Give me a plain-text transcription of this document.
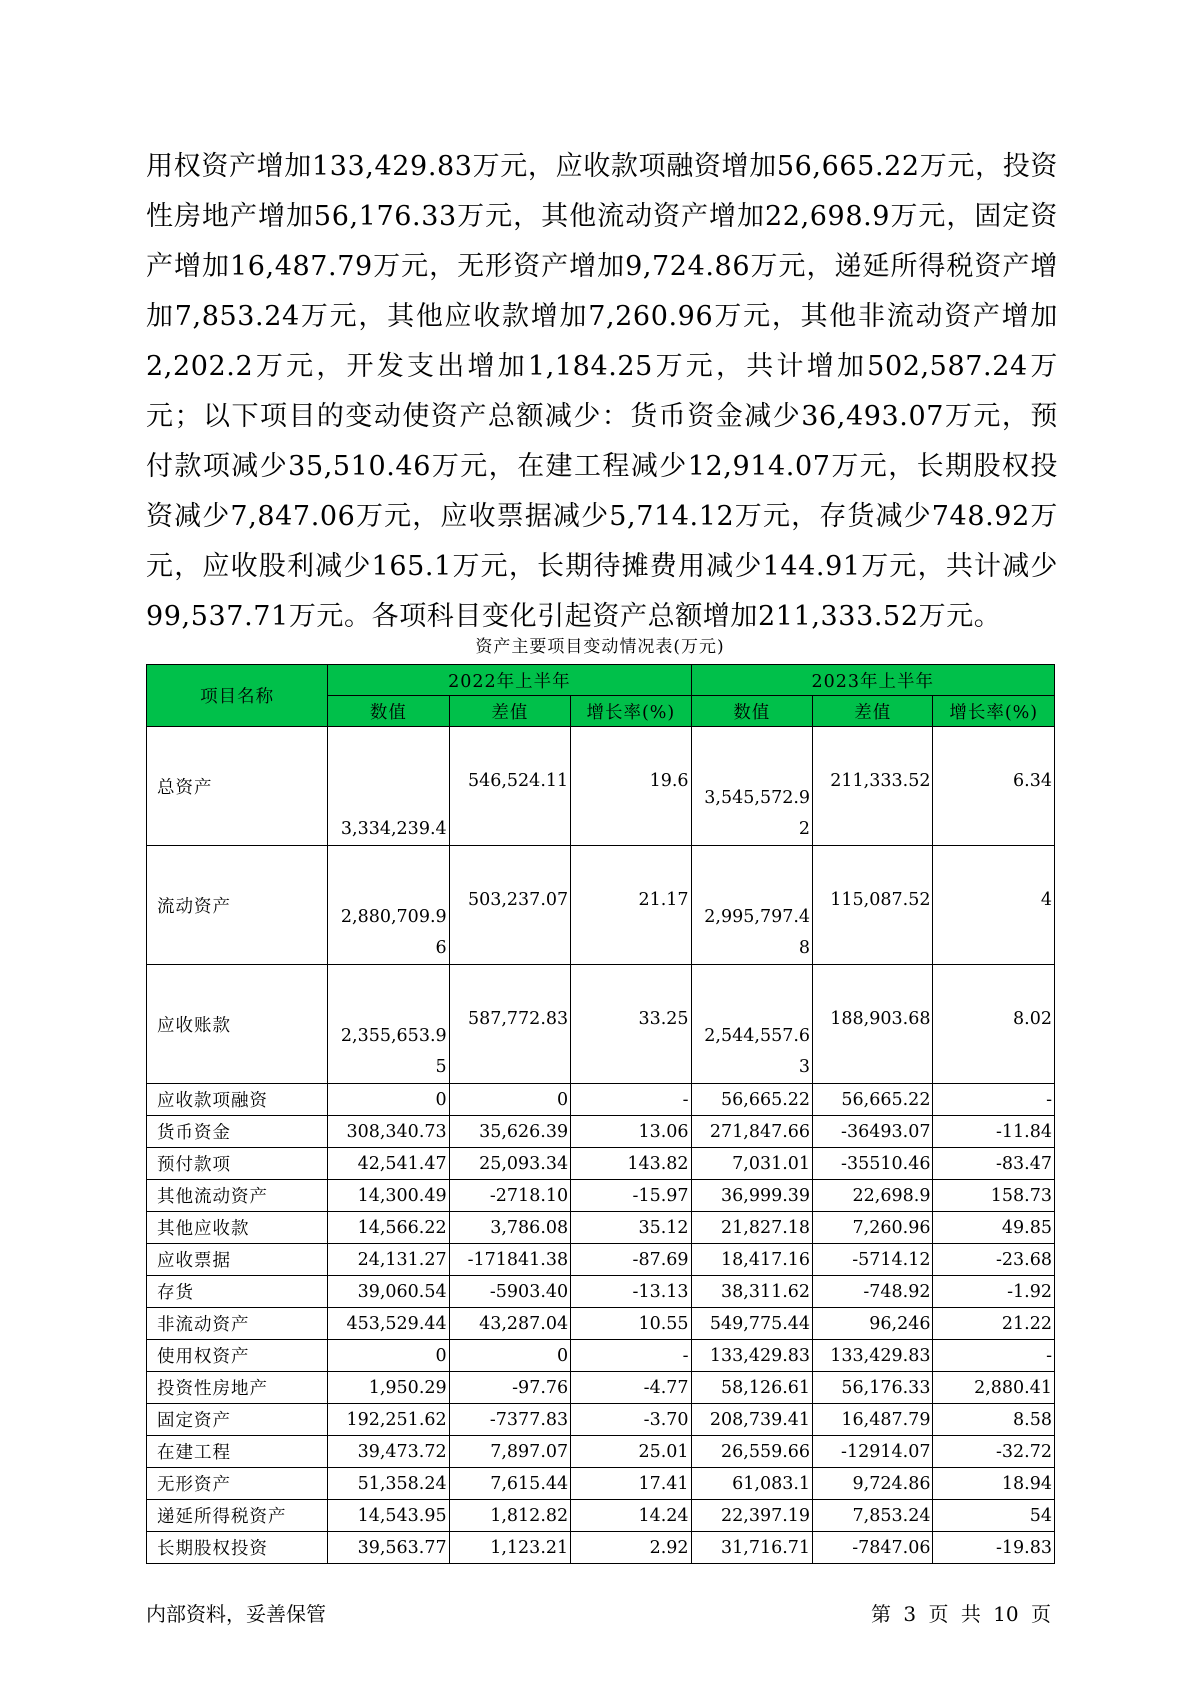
用权资产增加133,429.83万元，应收款项融资增加56,665.22万元，投资性房地产增加56,176.33万元，其他流动资产增加22,698.9万元，固定资产增加16,487.79万元，无形资产增加9,724.86万元，递延所得税资产增加7,853.24万元，其他应收款增加7,260.96万元，其他非流动资产增加2,202.2万元，开发支出增加1,184.25万元，共计增加502,587.24万元；以下项目的变动使资产总额减少：货币资金减少36,493.07万元，预付款项减少35,510.46万元，在建工程减少12,914.07万元，长期股权投资减少7,847.06万元，应收票据减少5,714.12万元，存货减少748.92万元，应收股利减少165.1万元，长期待摊费用减少144.91万元，共计减少99,537.71万元。各项科目变化引起资产总额增加211,333.52万元。

资产主要项目变动情况表(万元)
项目名称	2022年上半年			2023年上半年		
	数值	差值	增长率(%)	数值	差值	增长率(%)
总资产	3,334,239.4	546,524.11	19.6	3,545,572.92	211,333.52	6.34
流动资产	2,880,709.96	503,237.07	21.17	2,995,797.48	115,087.52	4
应收账款	2,355,653.95	587,772.83	33.25	2,544,557.63	188,903.68	8.02
应收款项融资	0	0	-	56,665.22	56,665.22	-
货币资金	308,340.73	35,626.39	13.06	271,847.66	-36493.07	-11.84
预付款项	42,541.47	25,093.34	143.82	7,031.01	-35510.46	-83.47
其他流动资产	14,300.49	-2718.10	-15.97	36,999.39	22,698.9	158.73
其他应收款	14,566.22	3,786.08	35.12	21,827.18	7,260.96	49.85
应收票据	24,131.27	-171841.38	-87.69	18,417.16	-5714.12	-23.68
存货	39,060.54	-5903.40	-13.13	38,311.62	-748.92	-1.92
非流动资产	453,529.44	43,287.04	10.55	549,775.44	96,246	21.22
使用权资产	0	0	-	133,429.83	133,429.83	-
投资性房地产	1,950.29	-97.76	-4.77	58,126.61	56,176.33	2,880.41
固定资产	192,251.62	-7377.83	-3.70	208,739.41	16,487.79	8.58
在建工程	39,473.72	7,897.07	25.01	26,559.66	-12914.07	-32.72
无形资产	51,358.24	7,615.44	17.41	61,083.1	9,724.86	18.94
递延所得税资产	14,543.95	1,812.82	14.24	22,397.19	7,853.24	54
长期股权投资	39,563.77	1,123.21	2.92	31,716.71	-7847.06	-19.83
内部资料，妥善保管	第 3 页 共 10 页
